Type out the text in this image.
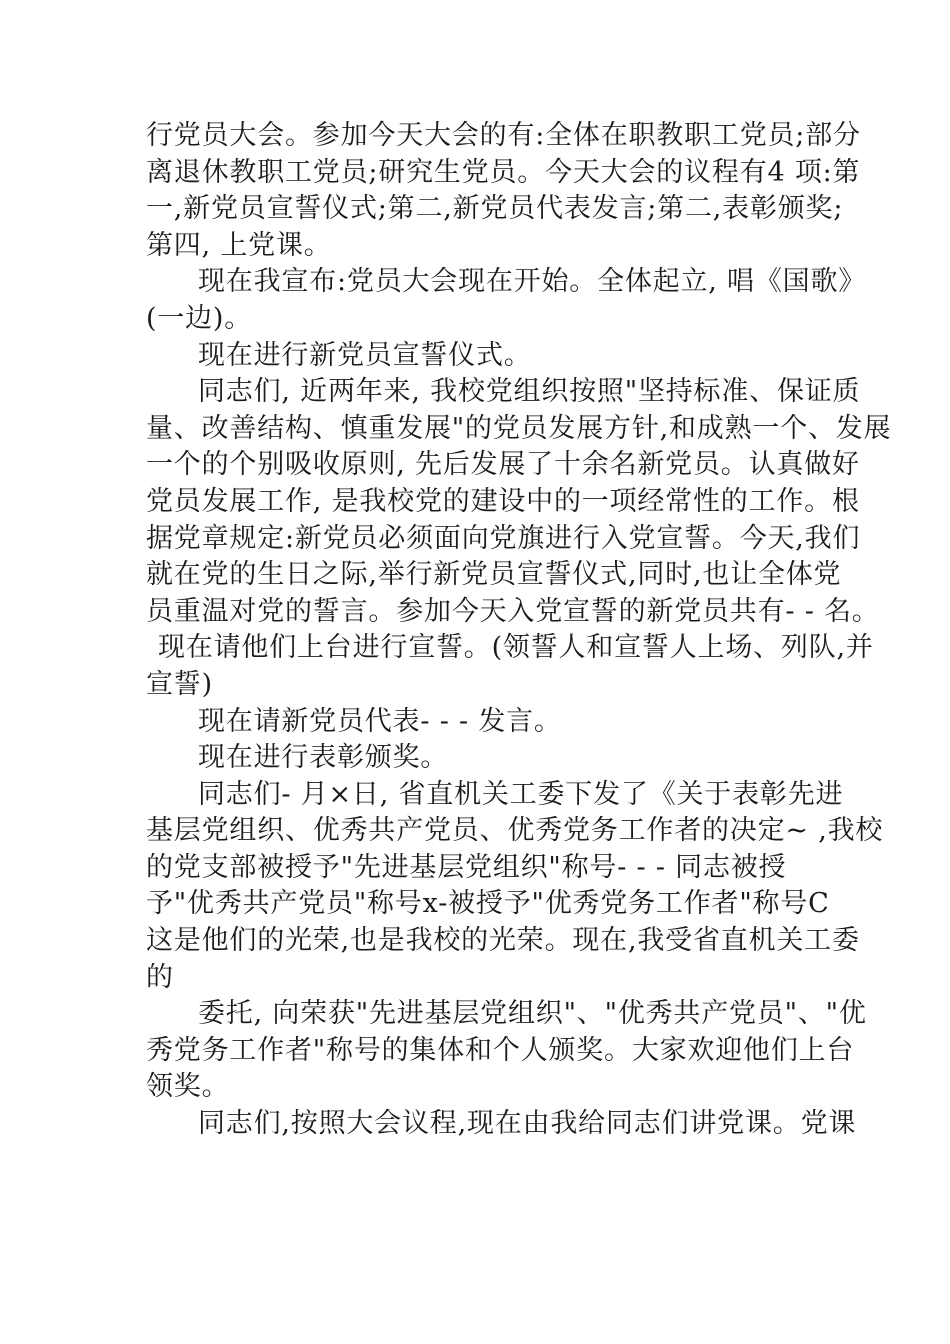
行党员大会。参加今天大会的有:全体在职教职工党员;部分
离退休教职工党员;研究生党员。今天大会的议程有4 项:第
一,新党员宣誓仪式;第二,新党员代表发言;第二,表彰颁奖;
第四, 上党课。
现在我宣布:党员大会现在开始。全体起立, 唱《国歌》
(一边)。
现在进行新党员宣誓仪式。
同志们, 近两年来, 我校党组织按照"坚持标准、保证质
量、改善结构、慎重发展"的党员发展方针,和成熟一个、发展
一个的个别吸收原则, 先后发展了十余名新党员。认真做好
党员发展工作, 是我校党的建设中的一项经常性的工作。根
据党章规定:新党员必须面向党旗进行入党宣誓。今天,我们
就在党的生日之际,举行新党员宣誓仪式,同时,也让全体党
员重温对党的誓言。参加今天入党宣誓的新党员共有- - 名。
现在请他们上台进行宣誓。(领誓人和宣誓人上场、列队,并
宣誓)
现在请新党员代表- - - 发言。
现在进行表彰颁奖。
同志们- 月×日, 省直机关工委下发了《关于表彰先进
基层党组织、优秀共产党员、优秀党务工作者的决定~ ,我校
的党支部被授予"先进基层党组织"称号- - - 同志被授
予"优秀共产党员"称号x-被授予"优秀党务工作者"称号C
这是他们的光荣,也是我校的光荣。现在,我受省直机关工委
的
委托, 向荣获"先进基层党组织"、"优秀共产党员"、"优
秀党务工作者"称号的集体和个人颁奖。大家欢迎他们上台
领奖。
同志们,按照大会议程,现在由我给同志们讲党课。党课
